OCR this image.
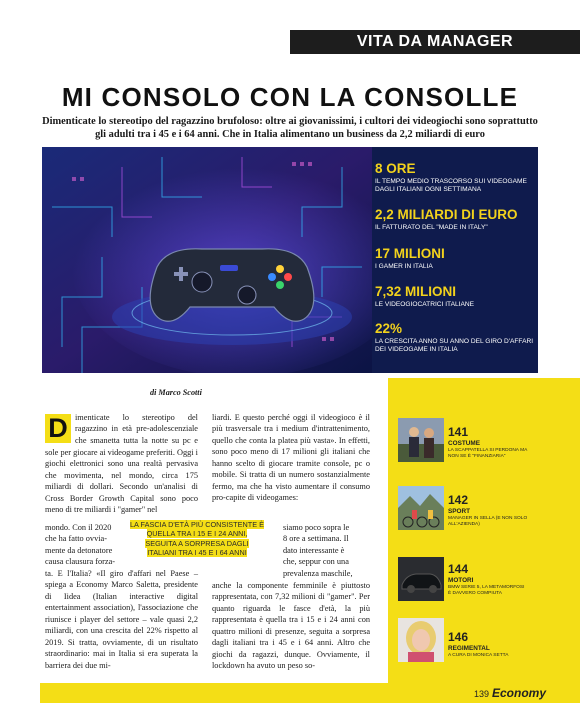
VITA DA MANAGER
MI CONSOLO CON LA CONSOLLE
Dimenticate lo stereotipo del ragazzino brufoloso: oltre ai giovanissimi, i cultori dei videogiochi sono soprattutto gli adulti tra i 45 e i 64 anni. Che in Italia alimentano un business da 2,2 miliardi di euro
8 ORE
IL TEMPO MEDIO TRASCORSO SUI VIDEOGAME DAGLI ITALIANI OGNI SETTIMANA
2,2 MILIARDI DI EURO
IL FATTURATO DEL "MADE IN ITALY"
17 MILIONI
I GAMER IN ITALIA
7,32 MILIONI
LE VIDEOGIOCATRICI ITALIANE
22%
LA CRESCITA ANNO SU ANNO DEL GIRO D'AFFARI DEI VIDEOGAME IN ITALIA
di Marco Scotti
D imenticate lo stereotipo del ragazzino in età pre-adolescenziale che smanetta tutta la notte su pc e

sole per giocare ai videogame preferiti. Oggi i giochi elettronici sono una realtà pervasiva che movimenta, nel mondo, circa 175 miliardi di dollari. Secondo un'analisi di Cross Border Growth Capital sono poco meno di tre miliardi i "gamer" nel

mondo. Con il 2020

che ha fatto ovvia-

mente da detonatore

causa clausura forza-

ta. E l'Italia? «Il giro d'affari nel Paese – spiega a Economy Marco Saletta, presidente di Iidea (Italian interactive digital entertainment association), l'associazione che riunisce i player del settore – vale quasi 2,2 miliardi, con una crescita del 22% rispetto al 2019. Si tratta, ovviamente, di un risultato straordinario: mai in Italia si era superata la barriera dei due mi-

LA FASCIA D'ETÀ PIÙ CONSISTENTE È QUELLA TRA I 15 E I 24 ANNI, SEGUITA A SORPRESA DAGLI ITALIANI TRA I 45 E I 64 ANNI

liardi. E questo perché oggi il videogioco è il più trasversale tra i medium d'intrattenimento, quello che conta la platea più vasta». In effetti, sono poco meno di 17 milioni gli italiani che hanno scelto di giocare tramite console, pc o mobile. Si tratta di un numero sostanzialmente fermo, ma che ha visto aumentare il consumo pro-capite di videogames:

siamo poco sopra le

8 ore a settimana. Il

dato interessante è

che, seppur con una

prevalenza maschile,

anche la componente femminile è piuttosto rappresentata, con 7,32 milioni di "gamer". Per quanto riguarda le fasce d'età, la più rappresentata è quella tra i 15 e i 24 anni con quattro milioni di presenze, seguita a sorpresa dagli italiani tra i 45 e i 64 anni. Altro che giochi da ragazzi, dunque. Ovviamente, il lockdown ha avuto un peso so-

141
COSTUME
LA SCAPPATELLA SI PERDONA MA NON SE È "FINANZIARIA"
142
SPORT
MANAGER IN SELLA (E NON SOLO ALL'AZIENDA)
144
MOTORI
BMW SERIE 5, LA METAMORFOSI È DAVVERO COMPIUTA
146
REGIMENTAL
A CURA DI MONICA SETTA
139 Economy
